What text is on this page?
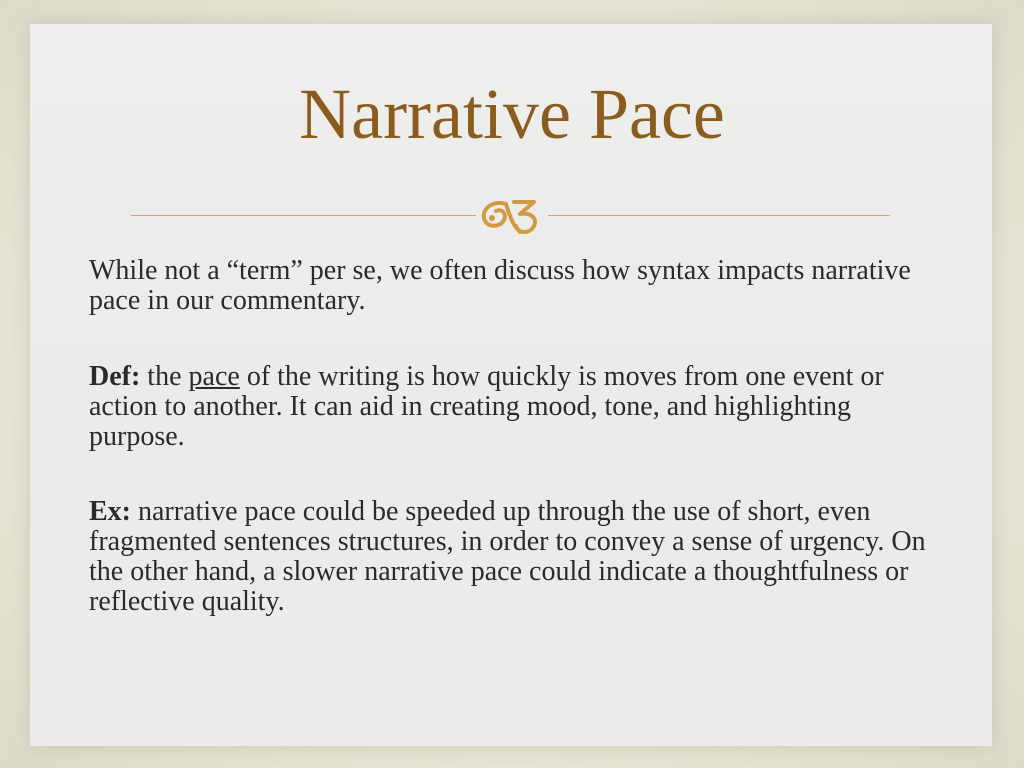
Narrative Pace

While not a “term” per se, we often discuss how syntax impacts narrative pace in our commentary.

Def: the pace of the writing is how quickly is moves from one event or action to another. It can aid in creating mood, tone, and highlighting purpose.

Ex: narrative pace could be speeded up through the use of short, even fragmented sentences structures, in order to convey a sense of urgency. On the other hand, a slower narrative pace could indicate a thoughtfulness or reflective quality.
